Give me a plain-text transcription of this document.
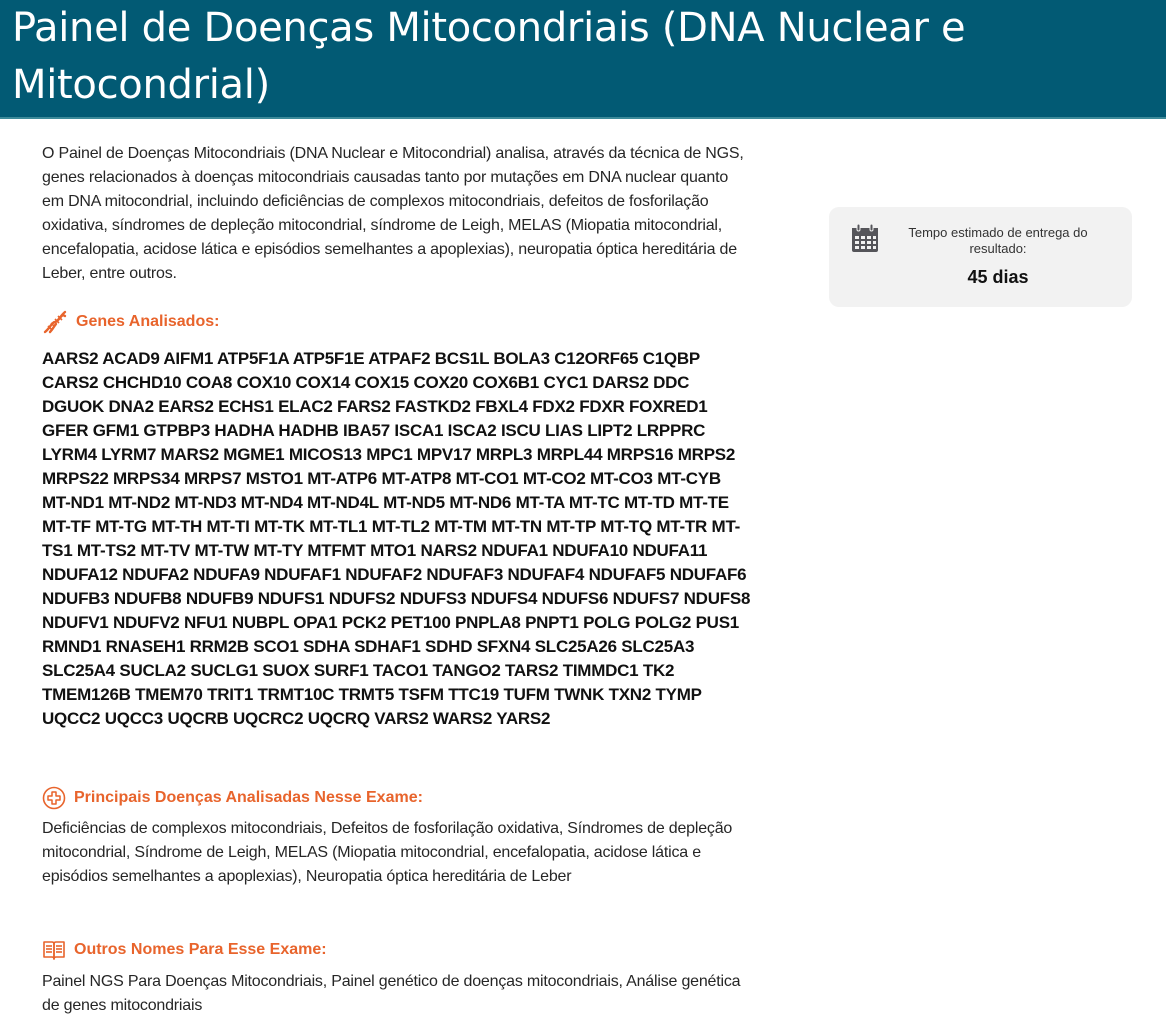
Painel de Doenças Mitocondriais (DNA Nuclear e Mitocondrial)

O Painel de Doenças Mitocondriais (DNA Nuclear e Mitocondrial) analisa, através da técnica de NGS, genes relacionados à doenças mitocondriais causadas tanto por mutações em DNA nuclear quanto em DNA mitocondrial, incluindo deficiências de complexos mitocondriais, defeitos de fosforilação oxidativa, síndromes de depleção mitocondrial, síndrome de Leigh, MELAS (Miopatia mitocondrial, encefalopatia, acidose lática e episódios semelhantes a apoplexias), neuropatia óptica hereditária de Leber, entre outros.

Genes Analisados:

AARS2 ACAD9 AIFM1 ATP5F1A ATP5F1E ATPAF2 BCS1L BOLA3 C12ORF65 C1QBP CARS2 CHCHD10 COA8 COX10 COX14 COX15 COX20 COX6B1 CYC1 DARS2 DDC DGUOK DNA2 EARS2 ECHS1 ELAC2 FARS2 FASTKD2 FBXL4 FDX2 FDXR FOXRED1 GFER GFM1 GTPBP3 HADHA HADHB IBA57 ISCA1 ISCA2 ISCU LIAS LIPT2 LRPPRC LYRM4 LYRM7 MARS2 MGME1 MICOS13 MPC1 MPV17 MRPL3 MRPL44 MRPS16 MRPS2 MRPS22 MRPS34 MRPS7 MSTO1 MT-ATP6 MT-ATP8 MT-CO1 MT-CO2 MT-CO3 MT-CYB MT-ND1 MT-ND2 MT-ND3 MT-ND4 MT-ND4L MT-ND5 MT-ND6 MT-TA MT-TC MT-TD MT-TE MT-TF MT-TG MT-TH MT-TI MT-TK MT-TL1 MT-TL2 MT-TM MT-TN MT-TP MT-TQ MT-TR MT-TS1 MT-TS2 MT-TV MT-TW MT-TY MTFMT MTO1 NARS2 NDUFA1 NDUFA10 NDUFA11 NDUFA12 NDUFA2 NDUFA9 NDUFAF1 NDUFAF2 NDUFAF3 NDUFAF4 NDUFAF5 NDUFAF6 NDUFB3 NDUFB8 NDUFB9 NDUFS1 NDUFS2 NDUFS3 NDUFS4 NDUFS6 NDUFS7 NDUFS8 NDUFV1 NDUFV2 NFU1 NUBPL OPA1 PCK2 PET100 PNPLA8 PNPT1 POLG POLG2 PUS1 RMND1 RNASEH1 RRM2B SCO1 SDHA SDHAF1 SDHD SFXN4 SLC25A26 SLC25A3 SLC25A4 SUCLA2 SUCLG1 SUOX SURF1 TACO1 TANGO2 TARS2 TIMMDC1 TK2 TMEM126B TMEM70 TRIT1 TRMT10C TRMT5 TSFM TTC19 TUFM TWNK TXN2 TYMP UQCC2 UQCC3 UQCRB UQCRC2 UQCRQ VARS2 WARS2 YARS2

Principais Doenças Analisadas Nesse Exame:

Deficiências de complexos mitocondriais, Defeitos de fosforilação oxidativa, Síndromes de depleção mitocondrial, Síndrome de Leigh, MELAS (Miopatia mitocondrial, encefalopatia, acidose lática e episódios semelhantes a apoplexias), Neuropatia óptica hereditária de Leber

Outros Nomes Para Esse Exame:

Painel NGS Para Doenças Mitocondriais, Painel genético de doenças mitocondriais, Análise genética de genes mitocondriais

Tempo estimado de entrega do resultado:
45 dias
